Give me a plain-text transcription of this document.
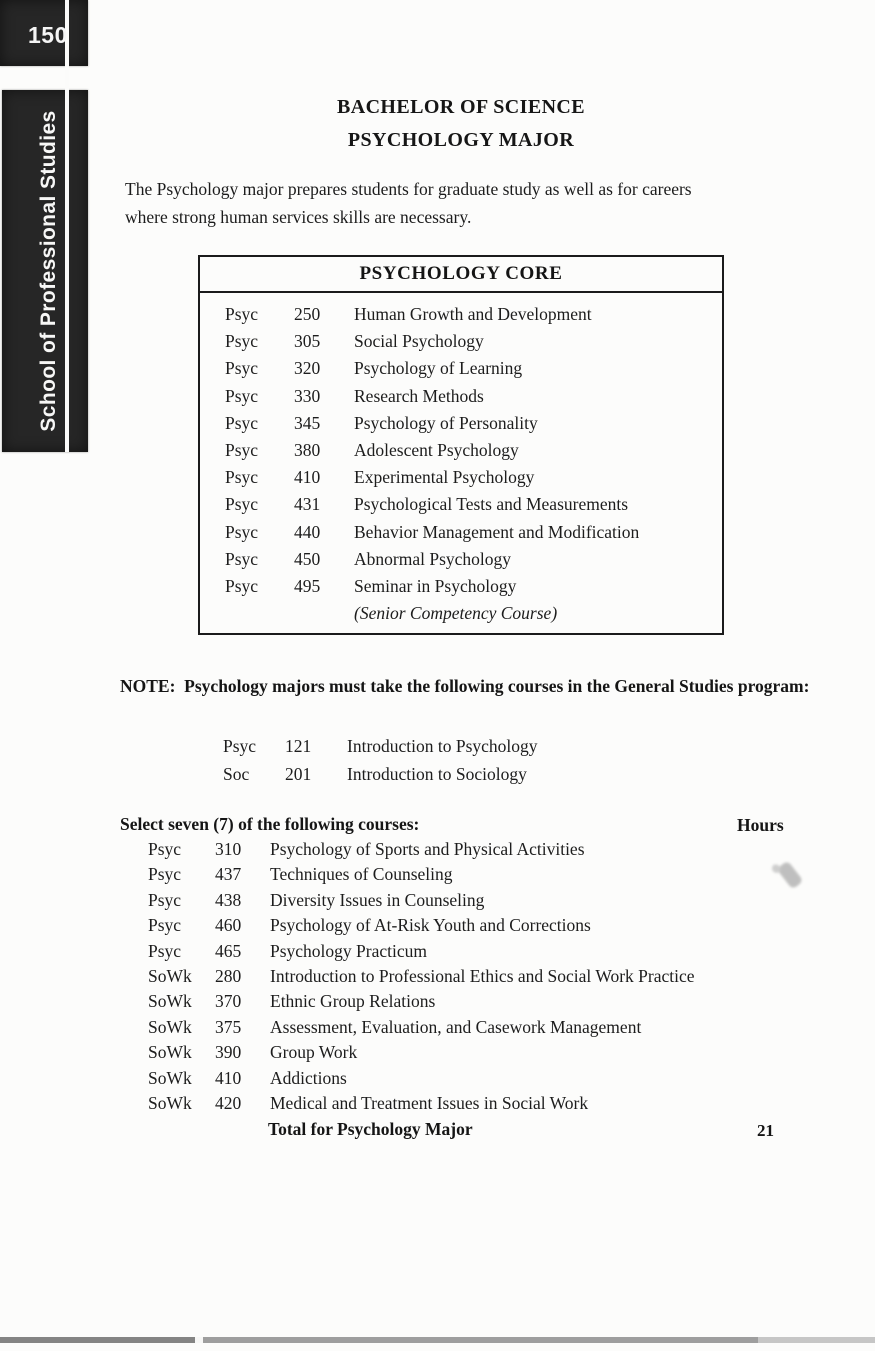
150
School of Professional Studies
BACHELOR OF SCIENCE
PSYCHOLOGY MAJOR
The Psychology major prepares students for graduate study as well as for careers
where strong human services skills are necessary.
PSYCHOLOGY CORE
Psyc 250 Human Growth and Development
Psyc 305 Social Psychology
Psyc 320 Psychology of Learning
Psyc 330 Research Methods
Psyc 345 Psychology of Personality
Psyc 380 Adolescent Psychology
Psyc 410 Experimental Psychology
Psyc 431 Psychological Tests and Measurements
Psyc 440 Behavior Management and Modification
Psyc 450 Abnormal Psychology
Psyc 495 Seminar in Psychology
(Senior Competency Course)
NOTE:  Psychology majors must take the following courses in the General Studies program:
Psyc 121 Introduction to Psychology
Soc 201 Introduction to Sociology
Select seven (7) of the following courses:	Hours
Psyc 310 Psychology of Sports and Physical Activities
Psyc 437 Techniques of Counseling
Psyc 438 Diversity Issues in Counseling
Psyc 460 Psychology of At-Risk Youth and Corrections
Psyc 465 Psychology Practicum
SoWk 280 Introduction to Professional Ethics and Social Work Practice
SoWk 370 Ethnic Group Relations
SoWk 375 Assessment, Evaluation, and Casework Management
SoWk 390 Group Work
SoWk 410 Addictions
SoWk 420 Medical and Treatment Issues in Social Work
Total for Psychology Major	21
